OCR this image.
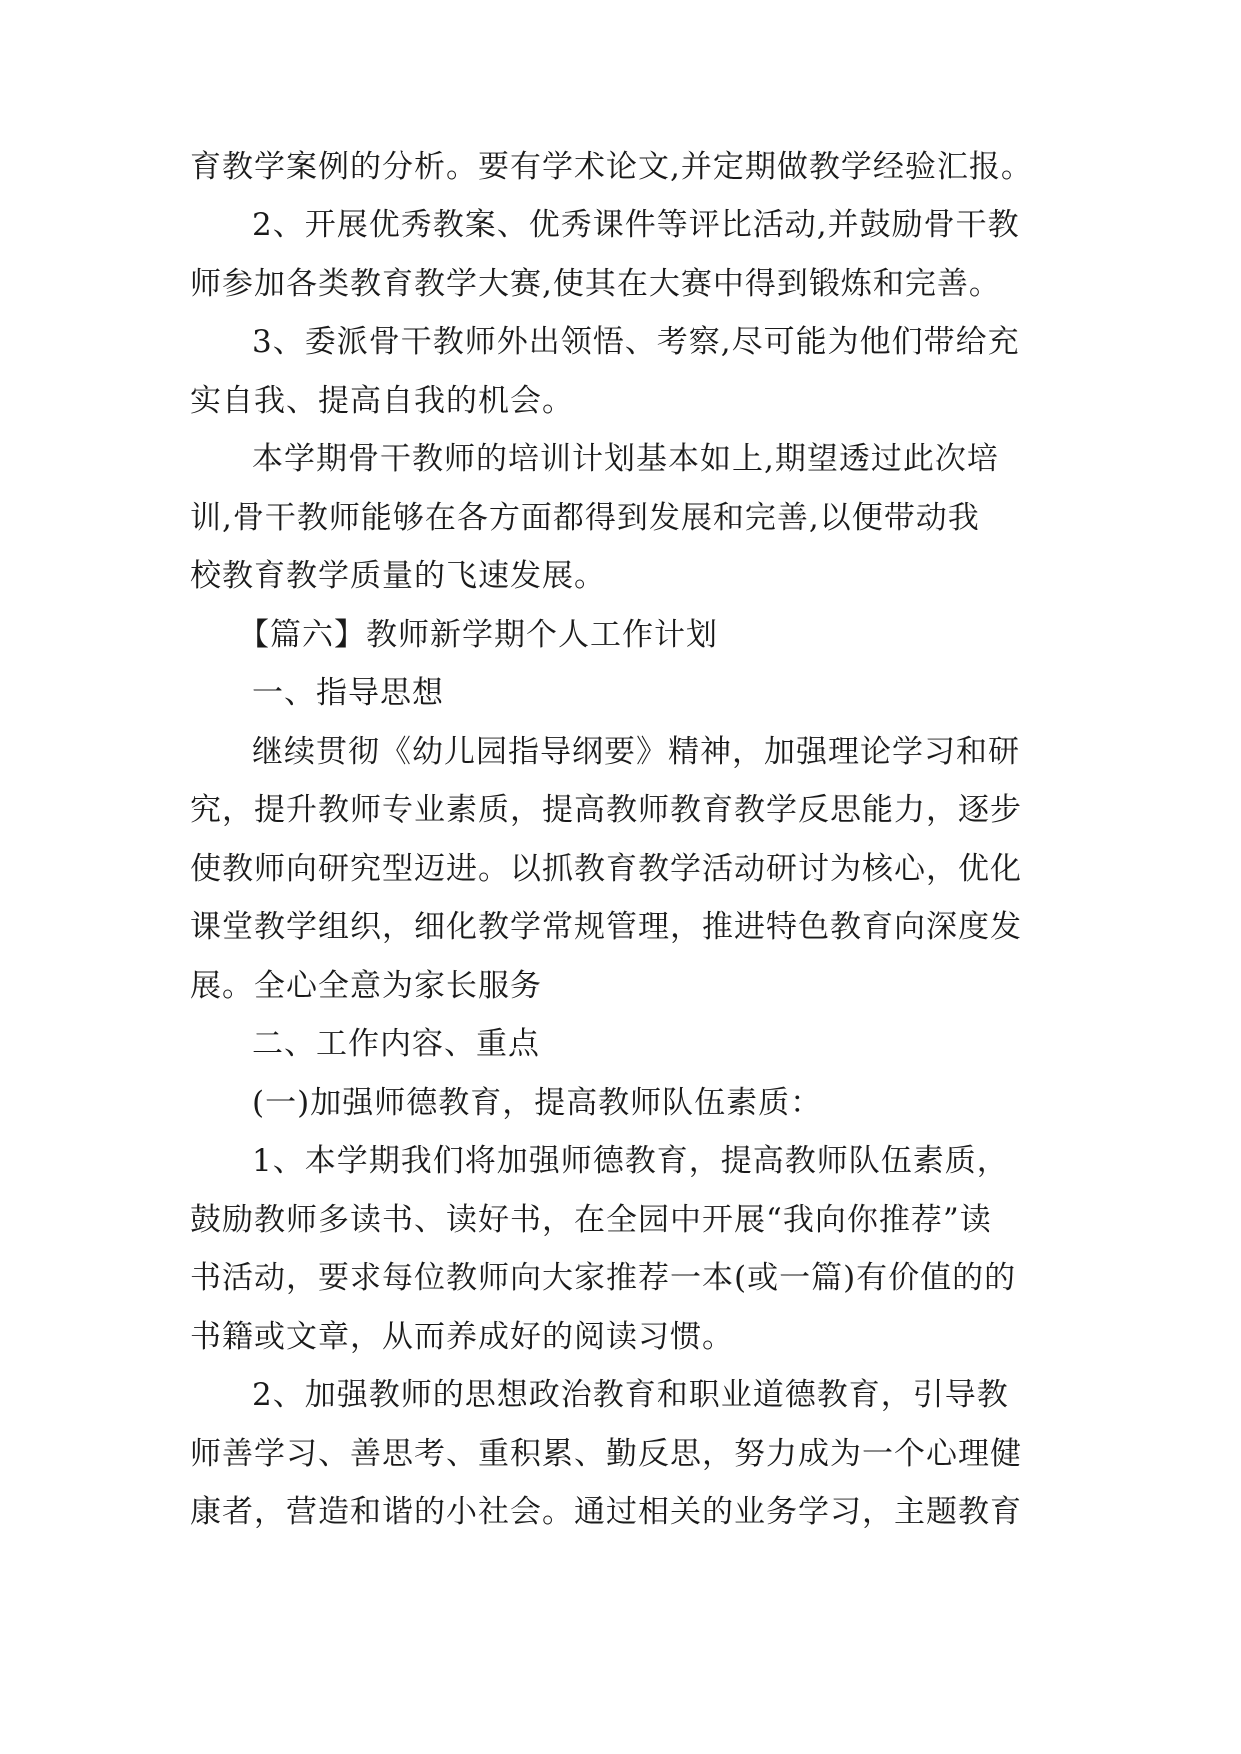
育教学案例的分析。要有学术论文,并定期做教学经验汇报。
2、开展优秀教案、优秀课件等评比活动,并鼓励骨干教
师参加各类教育教学大赛,使其在大赛中得到锻炼和完善。
3、委派骨干教师外出领悟、考察,尽可能为他们带给充
实自我、提高自我的机会。
本学期骨干教师的培训计划基本如上,期望透过此次培
训,骨干教师能够在各方面都得到发展和完善,以便带动我
校教育教学质量的飞速发展。
【篇六】教师新学期个人工作计划
一、指导思想
继续贯彻《幼儿园指导纲要》精神，加强理论学习和研
究，提升教师专业素质，提高教师教育教学反思能力，逐步
使教师向研究型迈进。以抓教育教学活动研讨为核心，优化
课堂教学组织，细化教学常规管理，推进特色教育向深度发
展。全心全意为家长服务
二、工作内容、重点
(一)加强师德教育，提高教师队伍素质：
1、本学期我们将加强师德教育，提高教师队伍素质，
鼓励教师多读书、读好书，在全园中开展“我向你推荐”读
书活动，要求每位教师向大家推荐一本(或一篇)有价值的的
书籍或文章，从而养成好的阅读习惯。
2、加强教师的思想政治教育和职业道德教育，引导教
师善学习、善思考、重积累、勤反思，努力成为一个心理健
康者，营造和谐的小社会。通过相关的业务学习，主题教育
